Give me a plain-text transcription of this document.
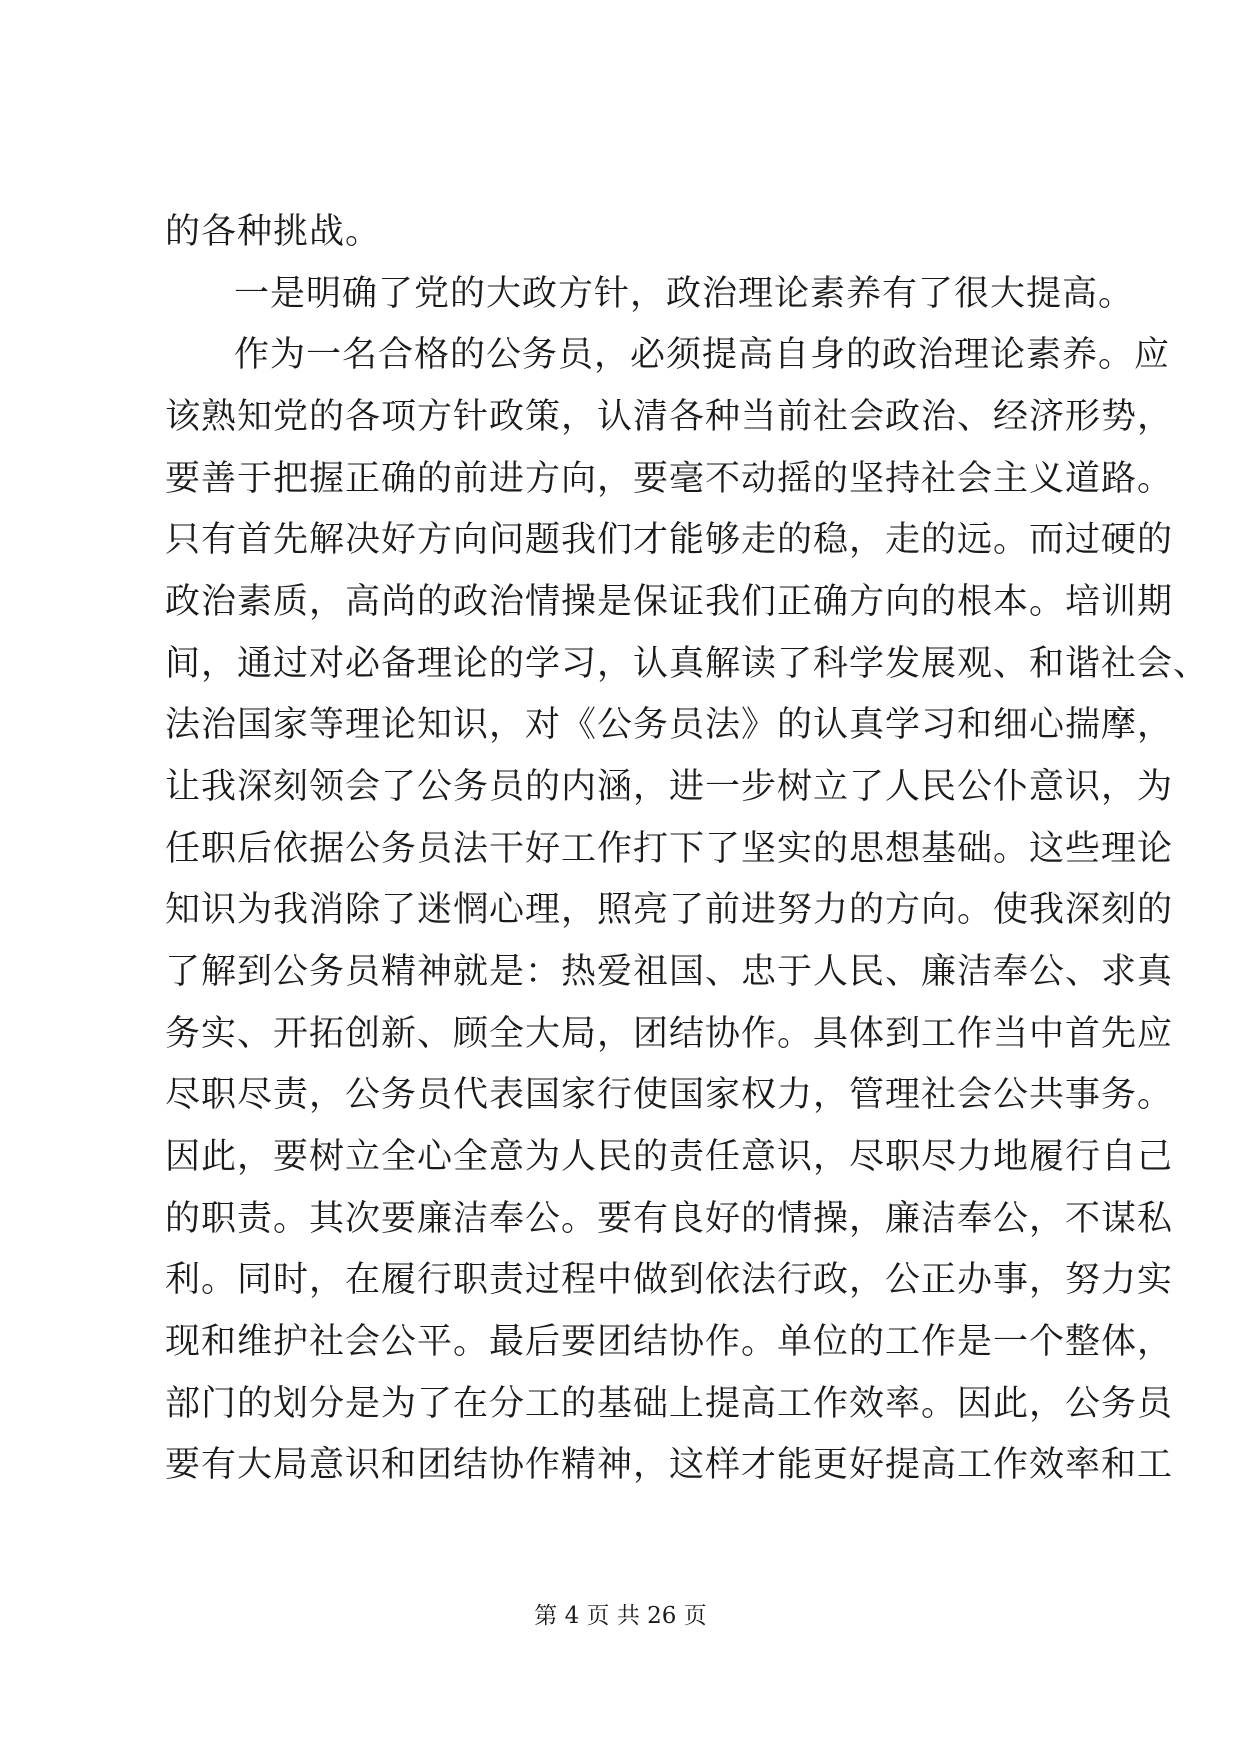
的各种挑战。
一是明确了党的大政方针，政治理论素养有了很大提高。
作为一名合格的公务员，必须提高自身的政治理论素养。应
该熟知党的各项方针政策，认清各种当前社会政治、经济形势，
要善于把握正确的前进方向，要毫不动摇的坚持社会主义道路。
只有首先解决好方向问题我们才能够走的稳，走的远。而过硬的
政治素质，高尚的政治情操是保证我们正确方向的根本。培训期
间，通过对必备理论的学习，认真解读了科学发展观、和谐社会、
法治国家等理论知识，对《公务员法》的认真学习和细心揣摩，
让我深刻领会了公务员的内涵，进一步树立了人民公仆意识，为
任职后依据公务员法干好工作打下了坚实的思想基础。这些理论
知识为我消除了迷惘心理，照亮了前进努力的方向。使我深刻的
了解到公务员精神就是：热爱祖国、忠于人民、廉洁奉公、求真
务实、开拓创新、顾全大局，团结协作。具体到工作当中首先应
尽职尽责，公务员代表国家行使国家权力，管理社会公共事务。
因此，要树立全心全意为人民的责任意识，尽职尽力地履行自己
的职责。其次要廉洁奉公。要有良好的情操，廉洁奉公，不谋私
利。同时，在履行职责过程中做到依法行政，公正办事，努力实
现和维护社会公平。最后要团结协作。单位的工作是一个整体，
部门的划分是为了在分工的基础上提高工作效率。因此，公务员
要有大局意识和团结协作精神，这样才能更好提高工作效率和工
第 4 页 共 26 页
